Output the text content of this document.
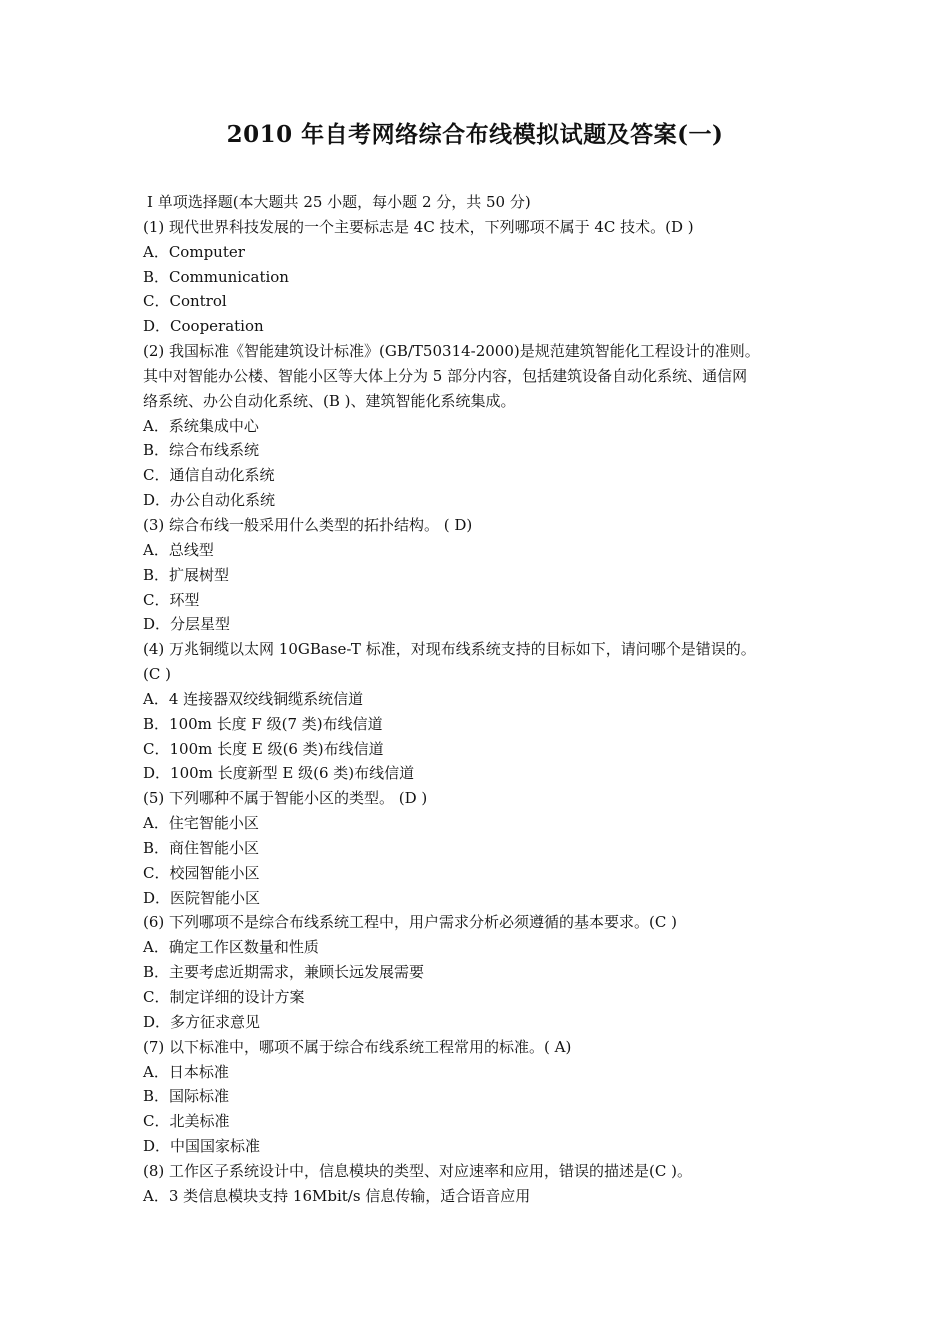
2010 年自考网络综合布线模拟试题及答案(一)
Ⅰ 单项选择题(本大题共 25 小题，每小题 2 分，共 50 分)
(1) 现代世界科技发展的一个主要标志是 4C 技术，下列哪项不属于 4C 技术。(D )
A．Computer
B．Communication
C．Control
D．Cooperation
(2) 我国标准《智能建筑设计标准》(GB/T50314-2000)是规范建筑智能化工程设计的准则。
其中对智能办公楼、智能小区等大体上分为 5 部分内容，包括建筑设备自动化系统、通信网
络系统、办公自动化系统、(B )、建筑智能化系统集成。
A．系统集成中心
B．综合布线系统
C．通信自动化系统
D．办公自动化系统
(3) 综合布线一般采用什么类型的拓扑结构。 ( D)
A．总线型
B．扩展树型
C．环型
D．分层星型
(4) 万兆铜缆以太网 10GBase-T 标准，对现布线系统支持的目标如下，请问哪个是错误的。
(C )
A．4 连接器双绞线铜缆系统信道
B．100m 长度 F 级(7 类)布线信道
C．100m 长度 E 级(6 类)布线信道
D．100m 长度新型 E 级(6 类)布线信道
(5) 下列哪种不属于智能小区的类型。 (D )
A．住宅智能小区
B．商住智能小区
C．校园智能小区
D．医院智能小区
(6) 下列哪项不是综合布线系统工程中，用户需求分析必须遵循的基本要求。(C )
A．确定工作区数量和性质
B．主要考虑近期需求，兼顾长远发展需要
C．制定详细的设计方案
D．多方征求意见
(7) 以下标准中，哪项不属于综合布线系统工程常用的标准。( A)
A．日本标准
B．国际标准
C．北美标准
D．中国国家标准
(8) 工作区子系统设计中，信息模块的类型、对应速率和应用，错误的描述是(C )。
A．3 类信息模块支持 16Mbit/s 信息传输，适合语音应用
